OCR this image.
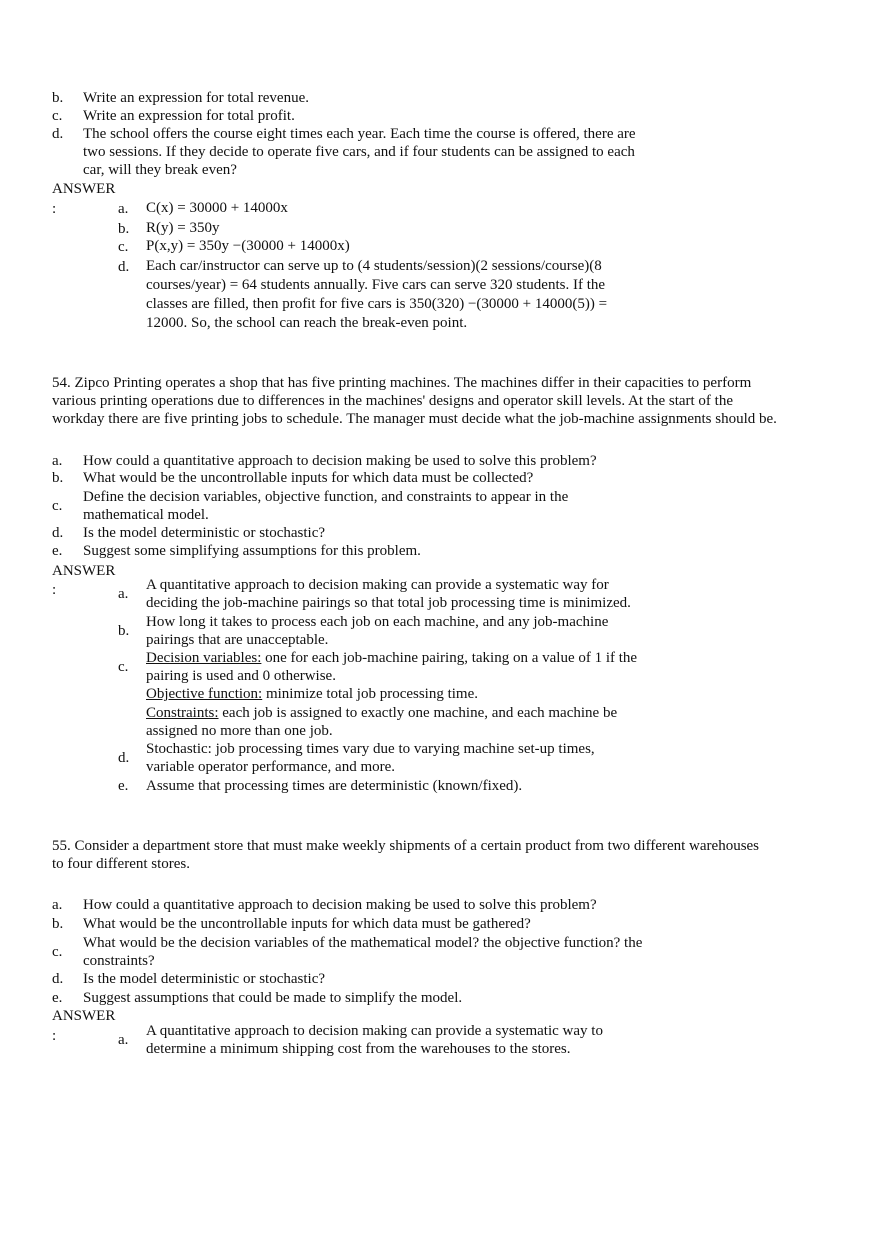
b. Write an expression for total revenue.
c. Write an expression for total profit.
d. The school offers the course eight times each year. Each time the course is offered, there are
two sessions. If they decide to operate five cars, and if four students can be assigned to each
car, will they break even?
ANSWER
:	a. C(x) = 30000 + 14000x
b. R(y) = 350y
c. P(x,y) = 350y −(30000 + 14000x)
d. Each car/instructor can serve up to (4 students/session)(2 sessions/course)(8
courses/year) = 64 students annually. Five cars can serve 320 students. If the
classes are filled, then profit for five cars is 350(320) −(30000 + 14000(5)) =
12000. So, the school can reach the break-even point.
54. Zipco Printing operates a shop that has five printing machines. The machines differ in their capacities to perform
various printing operations due to differences in the machines' designs and operator skill levels. At the start of the
workday there are five printing jobs to schedule. The manager must decide what the job-machine assignments should be.
a. How could a quantitative approach to decision making be used to solve this problem?
b. What would be the uncontrollable inputs for which data must be collected?
c.
Define the decision variables, objective function, and constraints to appear in the
mathematical model.
d. Is the model deterministic or stochastic?
e. Suggest some simplifying assumptions for this problem.
ANSWER
:	a.
A quantitative approach to decision making can provide a systematic way for
deciding the job-machine pairings so that total job processing time is minimized.
b.
How long it takes to process each job on each machine, and any job-machine
pairings that are unacceptable.
c.
Decision variables: one for each job-machine pairing, taking on a value of 1 if the
pairing is used and 0 otherwise.
Objective function: minimize total job processing time.
Constraints: each job is assigned to exactly one machine, and each machine be
assigned no more than one job.
d.
Stochastic: job processing times vary due to varying machine set-up times,
variable operator performance, and more.
e. Assume that processing times are deterministic (known/fixed).
55. Consider a department store that must make weekly shipments of a certain product from two different warehouses
to four different stores.
a. How could a quantitative approach to decision making be used to solve this problem?
b. What would be the uncontrollable inputs for which data must be gathered?
c.
What would be the decision variables of the mathematical model? the objective function? the
constraints?
d. Is the model deterministic or stochastic?
e. Suggest assumptions that could be made to simplify the model.
ANSWER
:	a.
A quantitative approach to decision making can provide a systematic way to
determine a minimum shipping cost from the warehouses to the stores.
